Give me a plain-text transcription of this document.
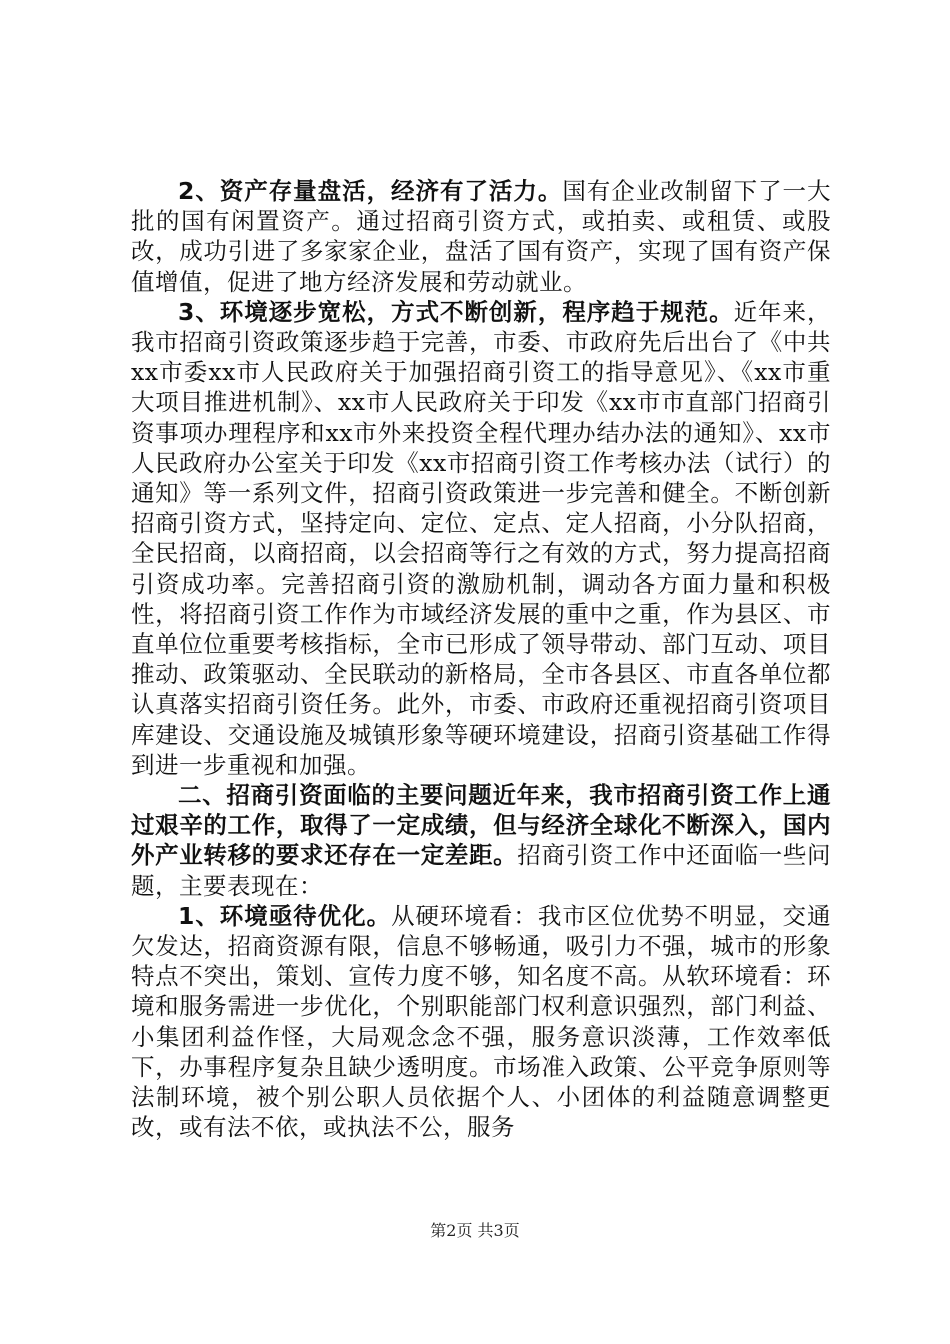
2、资产存量盘活，经济有了活力。国有企业改制留下了一大批的国有闲置资产。通过招商引资方式，或拍卖、或租赁、或股改，成功引进了多家家企业，盘活了国有资产，实现了国有资产保值增值，促进了地方经济发展和劳动就业。

3、环境逐步宽松，方式不断创新，程序趋于规范。近年来，我市招商引资政策逐步趋于完善，市委、市政府先后出台了《中共xx市委xx市人民政府关于加强招商引资工的指导意见》、《xx市重大项目推进机制》、xx市人民政府关于印发《xx市市直部门招商引资事项办理程序和xx市外来投资全程代理办结办法的通知》、xx市人民政府办公室关于印发《xx市招商引资工作考核办法（试行）的通知》等一系列文件，招商引资政策进一步完善和健全。不断创新招商引资方式，坚持定向、定位、定点、定人招商，小分队招商，全民招商，以商招商，以会招商等行之有效的方式，努力提高招商引资成功率。完善招商引资的激励机制，调动各方面力量和积极性，将招商引资工作作为市域经济发展的重中之重，作为县区、市直单位位重要考核指标，全市已形成了领导带动、部门互动、项目推动、政策驱动、全民联动的新格局，全市各县区、市直各单位都认真落实招商引资任务。此外，市委、市政府还重视招商引资项目库建设、交通设施及城镇形象等硬环境建设，招商引资基础工作得到进一步重视和加强。

二、招商引资面临的主要问题近年来，我市招商引资工作上通过艰辛的工作，取得了一定成绩，但与经济全球化不断深入，国内外产业转移的要求还存在一定差距。招商引资工作中还面临一些问题，主要表现在：

1、环境亟待优化。从硬环境看：我市区位优势不明显，交通欠发达，招商资源有限，信息不够畅通，吸引力不强，城市的形象特点不突出，策划、宣传力度不够，知名度不高。从软环境看：环境和服务需进一步优化，个别职能部门权利意识强烈，部门利益、小集团利益作怪，大局观念念不强，服务意识淡薄，工作效率低下，办事程序复杂且缺少透明度。市场准入政策、公平竞争原则等法制环境，被个别公职人员依据个人、小团体的利益随意调整更改，或有法不依，或执法不公，服务

第2页 共3页
